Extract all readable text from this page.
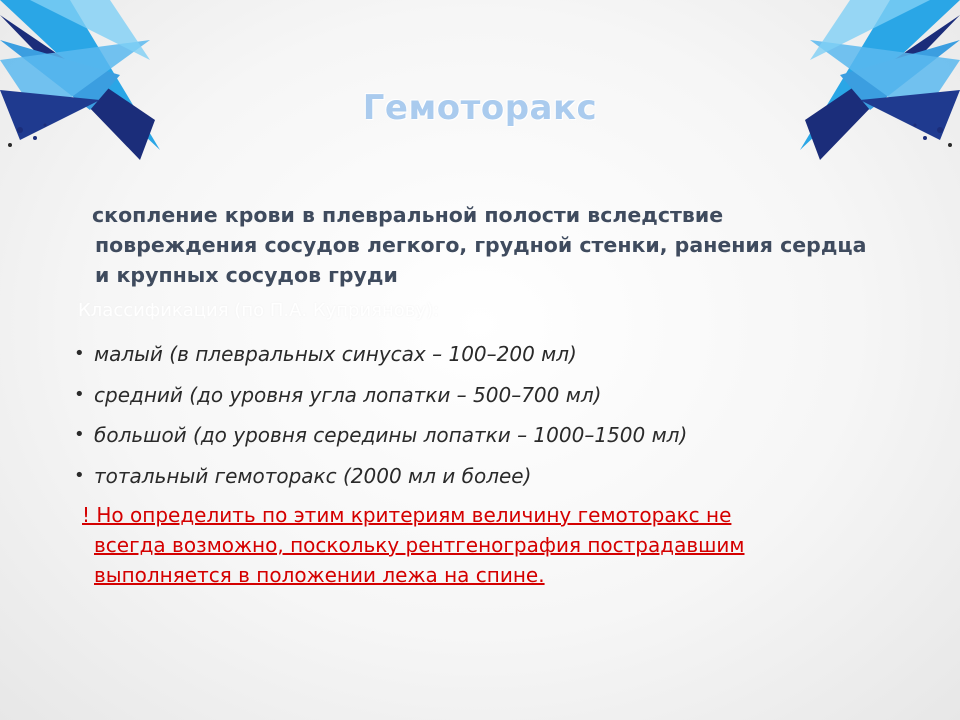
Гемоторакс
скопление крови в плевральной полости вследствие
повреждения сосудов легкого, грудной стенки, ранения сердца
и крупных сосудов груди
Классификация (по П.А. Куприянову):
• малый (в плевральных синусах – 100–200 мл)
• средний (до уровня угла лопатки – 500–700 мл)
• большой (до уровня середины лопатки – 1000–1500 мл)
• тотальный гемоторакс (2000 мл и более)
! Но определить по этим критериям величину гемоторакс не
всегда возможно, поскольку рентгенография пострадавшим
выполняется в положении лежа на спине.
